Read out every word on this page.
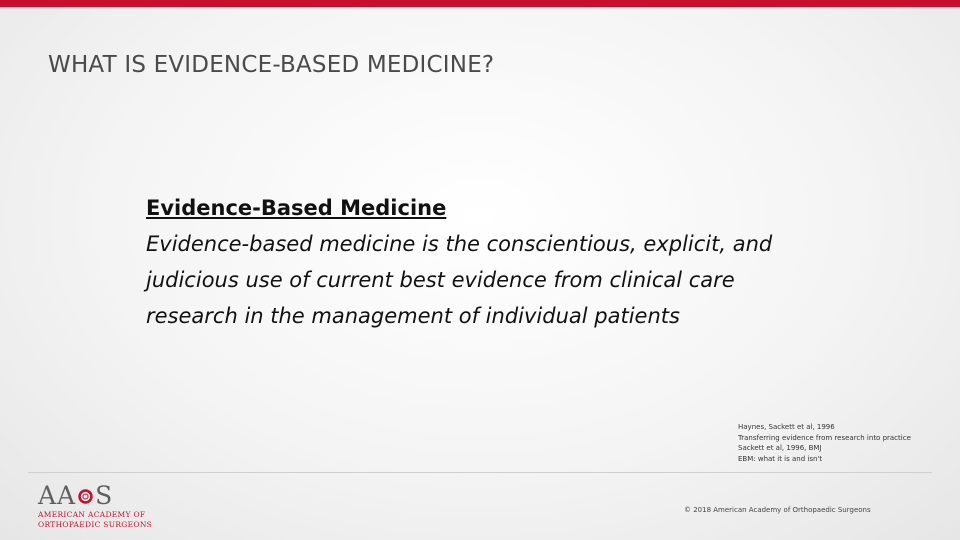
WHAT IS EVIDENCE-BASED MEDICINE?
Evidence-Based Medicine
Evidence-based medicine is the conscientious, explicit, and judicious use of current best evidence from clinical care research in the management of individual patients
Haynes, Sackett et al, 1996
Transferring evidence from research into practice
Sackett et al, 1996, BMJ
EBM: what it is and isn't
AA S
AMERICAN ACADEMY OF
ORTHOPAEDIC SURGEONS
© 2018 American Academy of Orthopaedic Surgeons
